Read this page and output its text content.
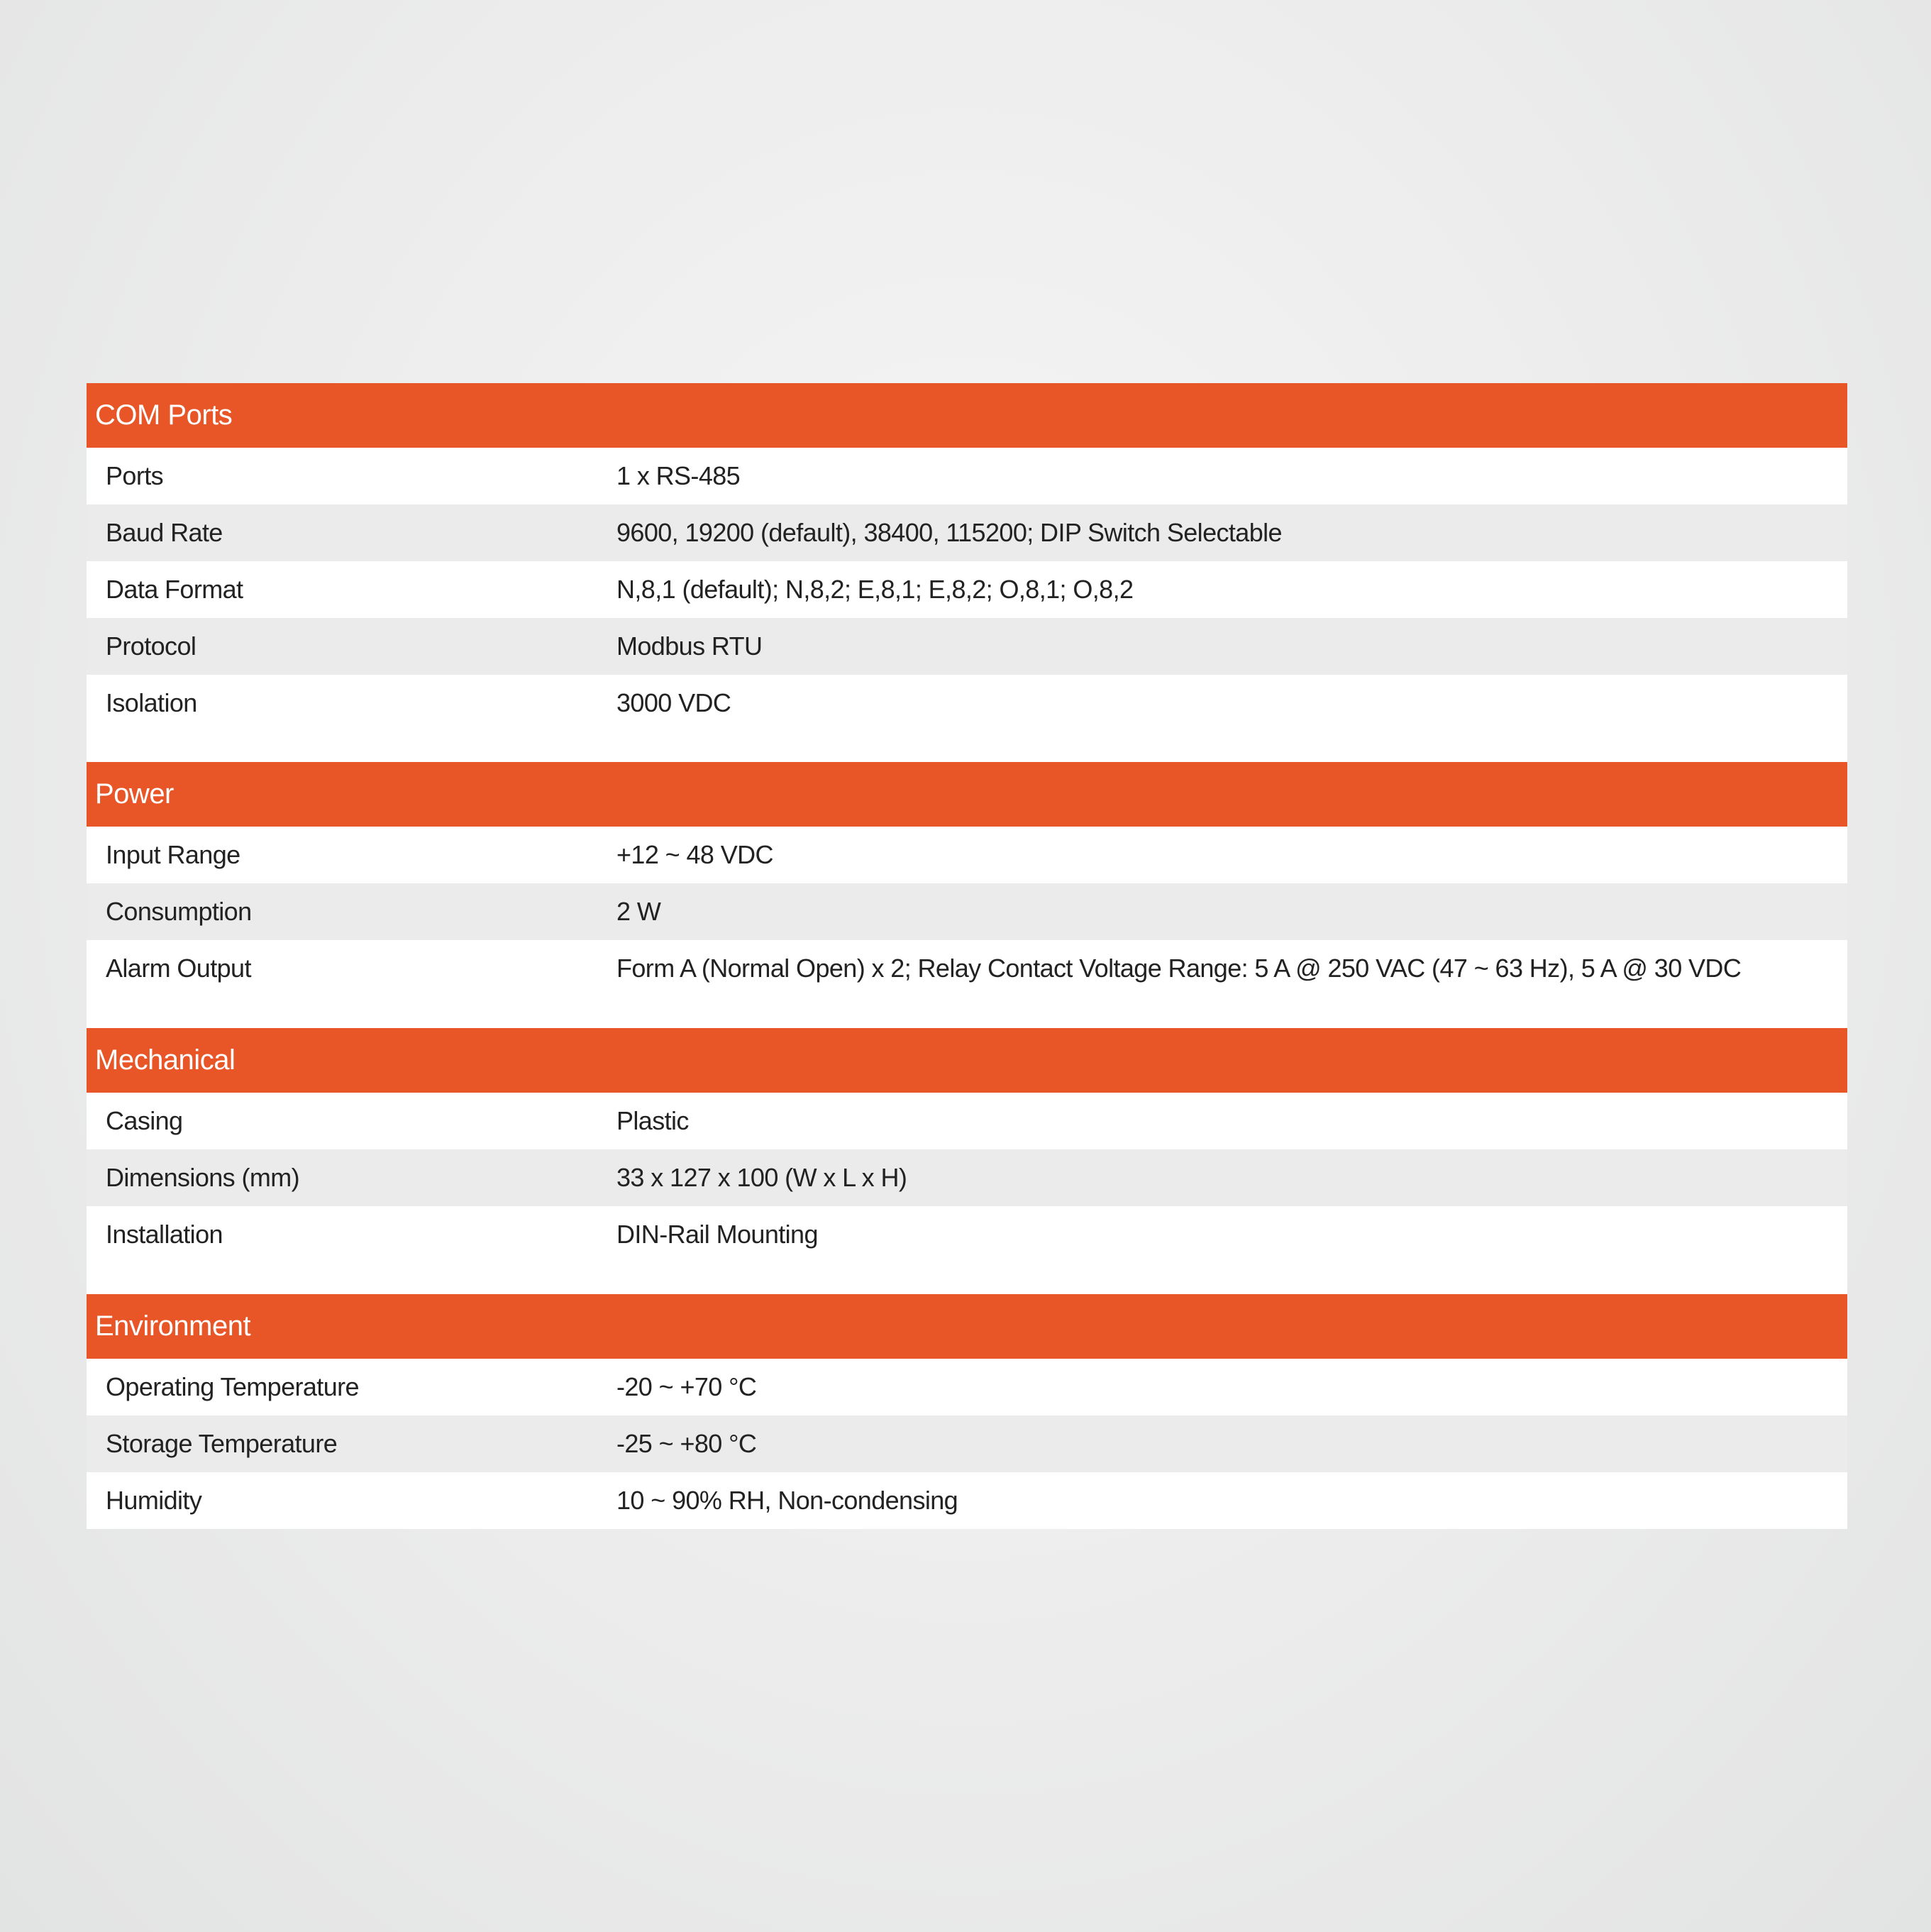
COM Ports
Ports	1 x RS-485
Baud Rate	9600, 19200 (default), 38400, 115200; DIP Switch Selectable
Data Format	N,8,1 (default); N,8,2; E,8,1; E,8,2; O,8,1; O,8,2
Protocol	Modbus RTU
Isolation	3000 VDC
Power
Input Range	+12 ~ 48 VDC
Consumption	2 W
Alarm Output	Form A (Normal Open) x 2; Relay Contact Voltage Range: 5 A @ 250 VAC (47 ~ 63 Hz), 5 A @ 30 VDC
Mechanical
Casing	Plastic
Dimensions (mm)	33 x 127 x 100 (W x L x H)
Installation	DIN-Rail Mounting
Environment
Operating Temperature	-20 ~ +70 °C
Storage Temperature	-25 ~ +80 °C
Humidity	10 ~ 90% RH, Non-condensing
